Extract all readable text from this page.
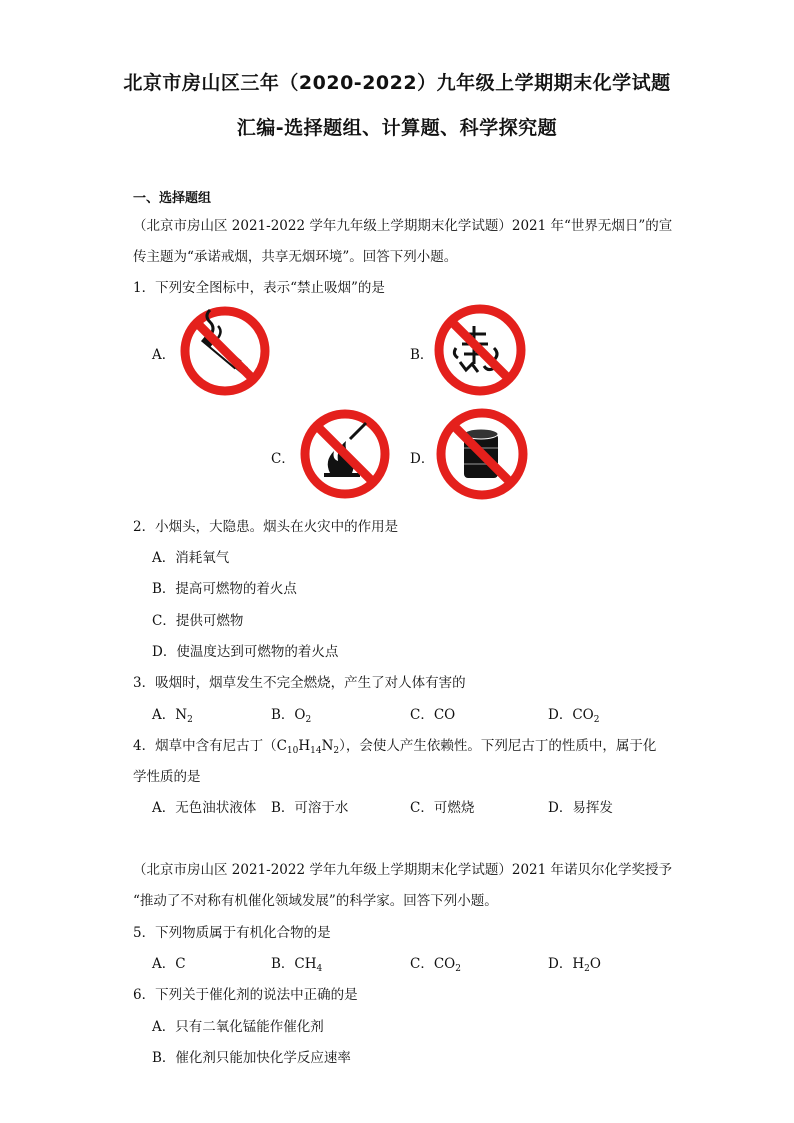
北京市房山区三年（2020-2022）九年级上学期期末化学试题
汇编-选择题组、计算题、科学探究题
一、选择题组
（北京市房山区 2021-2022 学年九年级上学期期末化学试题）2021 年“世界无烟日”的宣
传主题为“承诺戒烟，共享无烟环境”。回答下列小题。
1．下列安全图标中，表示“禁止吸烟”的是
A．	B．
C．	D．
2．小烟头，大隐患。烟头在火灾中的作用是
A．消耗氧气
B．提高可燃物的着火点
C．提供可燃物
D．使温度达到可燃物的着火点
3．吸烟时，烟草发生不完全燃烧，产生了对人体有害的
A．$N_2$	B．$O_2$	C．CO	D．$CO_2$
4．烟草中含有尼古丁$(C_{10}H_{14}N_2)$，会使人产生依赖性。下列尼古丁的性质中，属于化
学性质的是
A．无色油状液体 B．可溶于水	C．可燃烧	D．易挥发
（北京市房山区 2021-2022 学年九年级上学期期末化学试题）2021 年诺贝尔化学奖授予
“推动了不对称有机催化领域发展”的科学家。回答下列小题。
5．下列物质属于有机化合物的是
A．C	B．$CH_4$	C．$CO_2$	D．$H_2O$
6．下列关于催化剂的说法中正确的是
A．只有二氧化锰能作催化剂
B．催化剂只能加快化学反应速率
